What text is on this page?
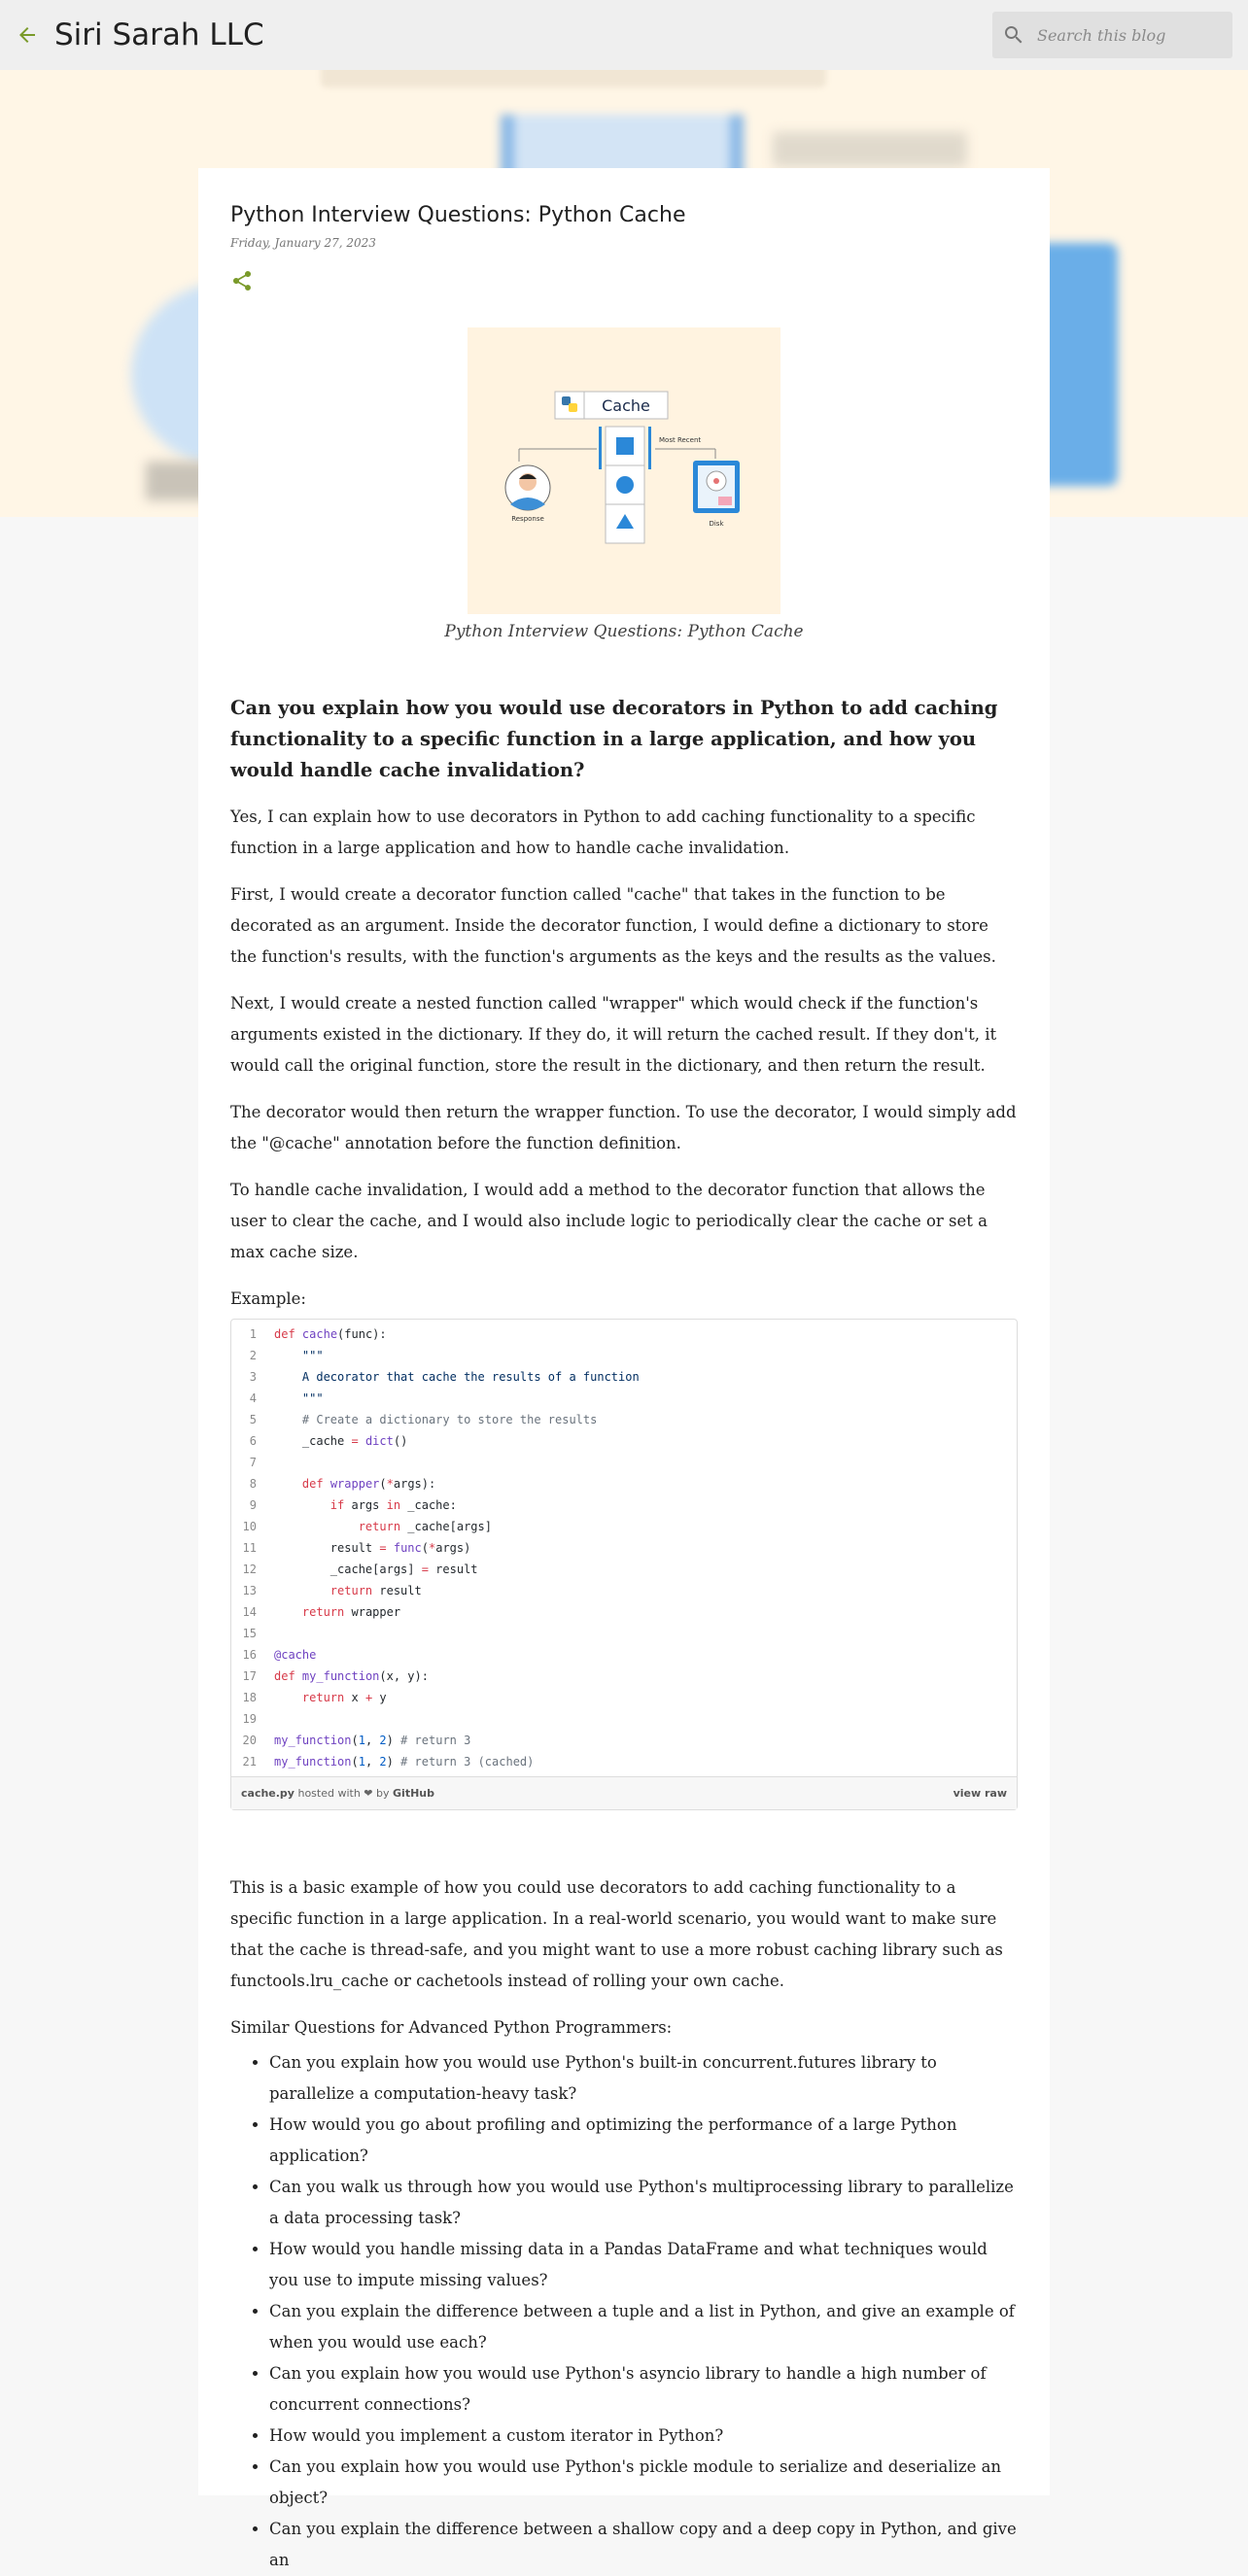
Siri Sarah LLC
Search this blog
Python Interview Questions: Python Cache
Friday, January 27, 2023
Cache
Most Recent
Response
Disk
Python Interview Questions: Python Cache
Can you explain how you would use decorators in Python to add caching functionality to a specific function in a large application, and how you would handle cache invalidation?

Yes, I can explain how to use decorators in Python to add caching functionality to a specific function in a large application and how to handle cache invalidation.

First, I would create a decorator function called "cache" that takes in the function to be decorated as an argument. Inside the decorator function, I would define a dictionary to store the function's results, with the function's arguments as the keys and the results as the values.

Next, I would create a nested function called "wrapper" which would check if the function's arguments existed in the dictionary. If they do, it will return the cached result. If they don't, it would call the original function, store the result in the dictionary, and then return the result.

The decorator would then return the wrapper function. To use the decorator, I would simply add the "@cache" annotation before the function definition.

To handle cache invalidation, I would add a method to the decorator function that allows the user to clear the cache, and I would also include logic to periodically clear the cache or set a max cache size.

Example:

1	def cache(func):
2	"""
3	A decorator that cache the results of a function
4	"""
5	# Create a dictionary to store the results
6	_cache = dict()
7
8	def wrapper(*args):
9	if args in _cache:
10	return _cache[args]
11	result = func(*args)
12	_cache[args] = result
13	return result
14	return wrapper
15
16	@cache
17	def my_function(x, y):
18	return x + y
19
20	my_function(1, 2) # return 3
21	my_function(1, 2) # return 3 (cached)
cache.py hosted with ❤ by GitHub	view raw

This is a basic example of how you could use decorators to add caching functionality to a specific function in a large application. In a real-world scenario, you would want to make sure that the cache is thread-safe, and you might want to use a more robust caching library such as functools.lru_cache or cachetools instead of rolling your own cache.

Similar Questions for Advanced Python Programmers:

• Can you explain how you would use Python's built-in concurrent.futures library to parallelize a computation-heavy task?
• How would you go about profiling and optimizing the performance of a large Python application?
• Can you walk us through how you would use Python's multiprocessing library to parallelize a data processing task?
• How would you handle missing data in a Pandas DataFrame and what techniques would you use to impute missing values?
• Can you explain the difference between a tuple and a list in Python, and give an example of when you would use each?
• Can you explain how you would use Python's asyncio library to handle a high number of concurrent connections?
• How would you implement a custom iterator in Python?
• Can you explain how you would use Python's pickle module to serialize and deserialize an object?
• Can you explain the difference between a shallow copy and a deep copy in Python, and give an
